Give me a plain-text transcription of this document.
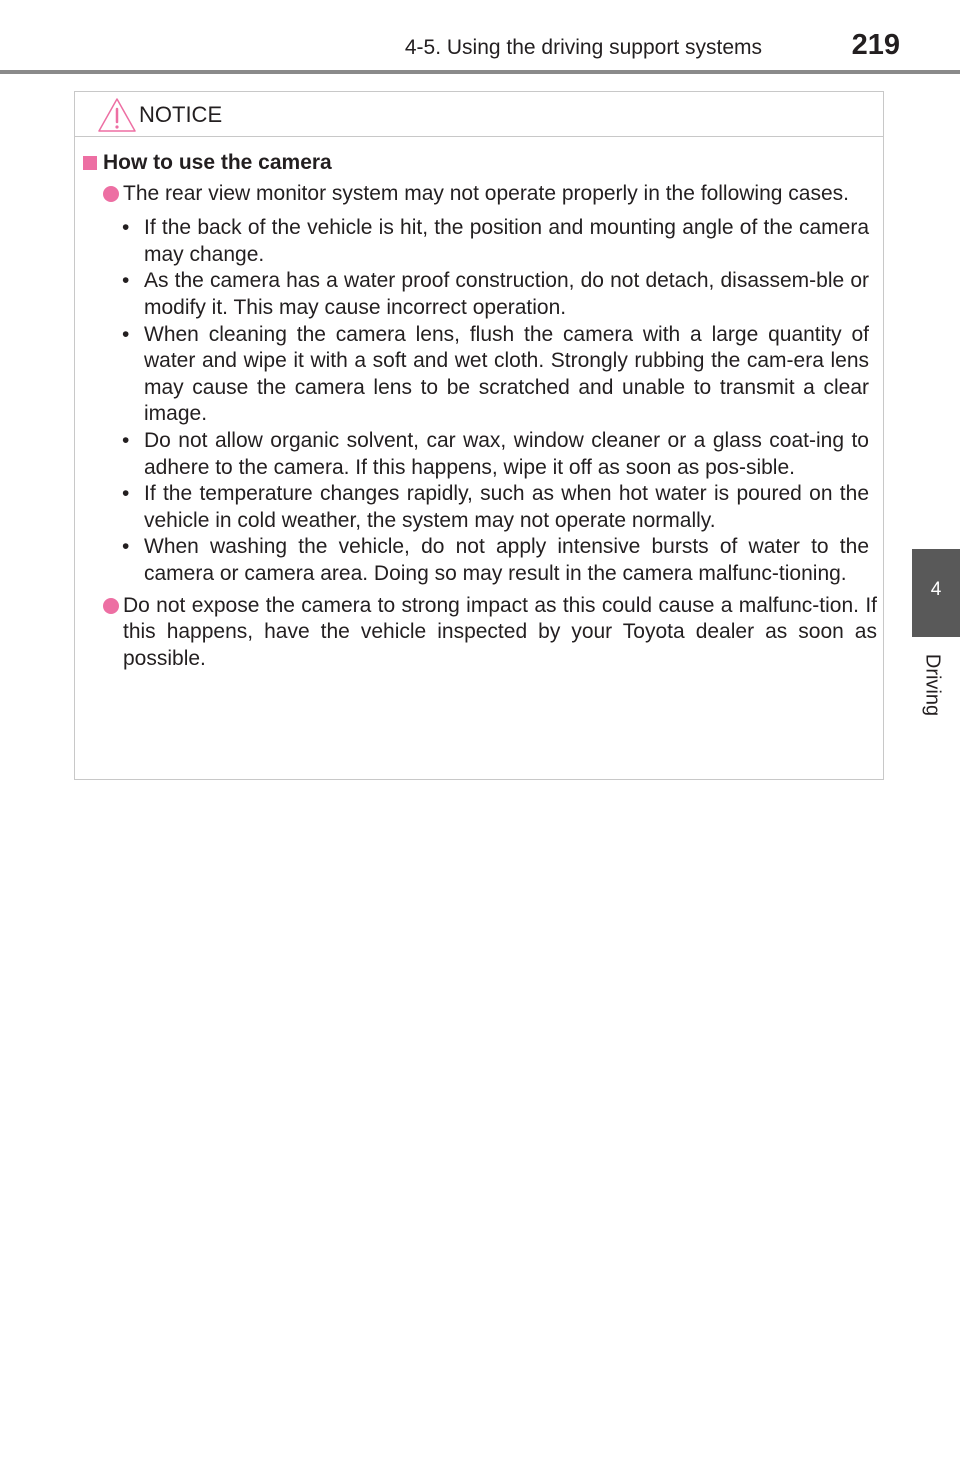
4-5. Using the driving support systems	219
4
Driving
NOTICE
How to use the camera
The rear view monitor system may not operate properly in the following cases.
• If the back of the vehicle is hit, the position and mounting angle of the camera may change.
• As the camera has a water proof construction, do not detach, disassem-ble or modify it. This may cause incorrect operation.
• When cleaning the camera lens, flush the camera with a large quantity of water and wipe it with a soft and wet cloth. Strongly rubbing the cam-era lens may cause the camera lens to be scratched and unable to transmit a clear image.
• Do not allow organic solvent, car wax, window cleaner or a glass coat-ing to adhere to the camera. If this happens, wipe it off as soon as pos-sible.
• If the temperature changes rapidly, such as when hot water is poured on the vehicle in cold weather, the system may not operate normally.
• When washing the vehicle, do not apply intensive bursts of water to the camera or camera area. Doing so may result in the camera malfunc-tioning.
Do not expose the camera to strong impact as this could cause a malfunc-tion. If this happens, have the vehicle inspected by your Toyota dealer as soon as possible.
